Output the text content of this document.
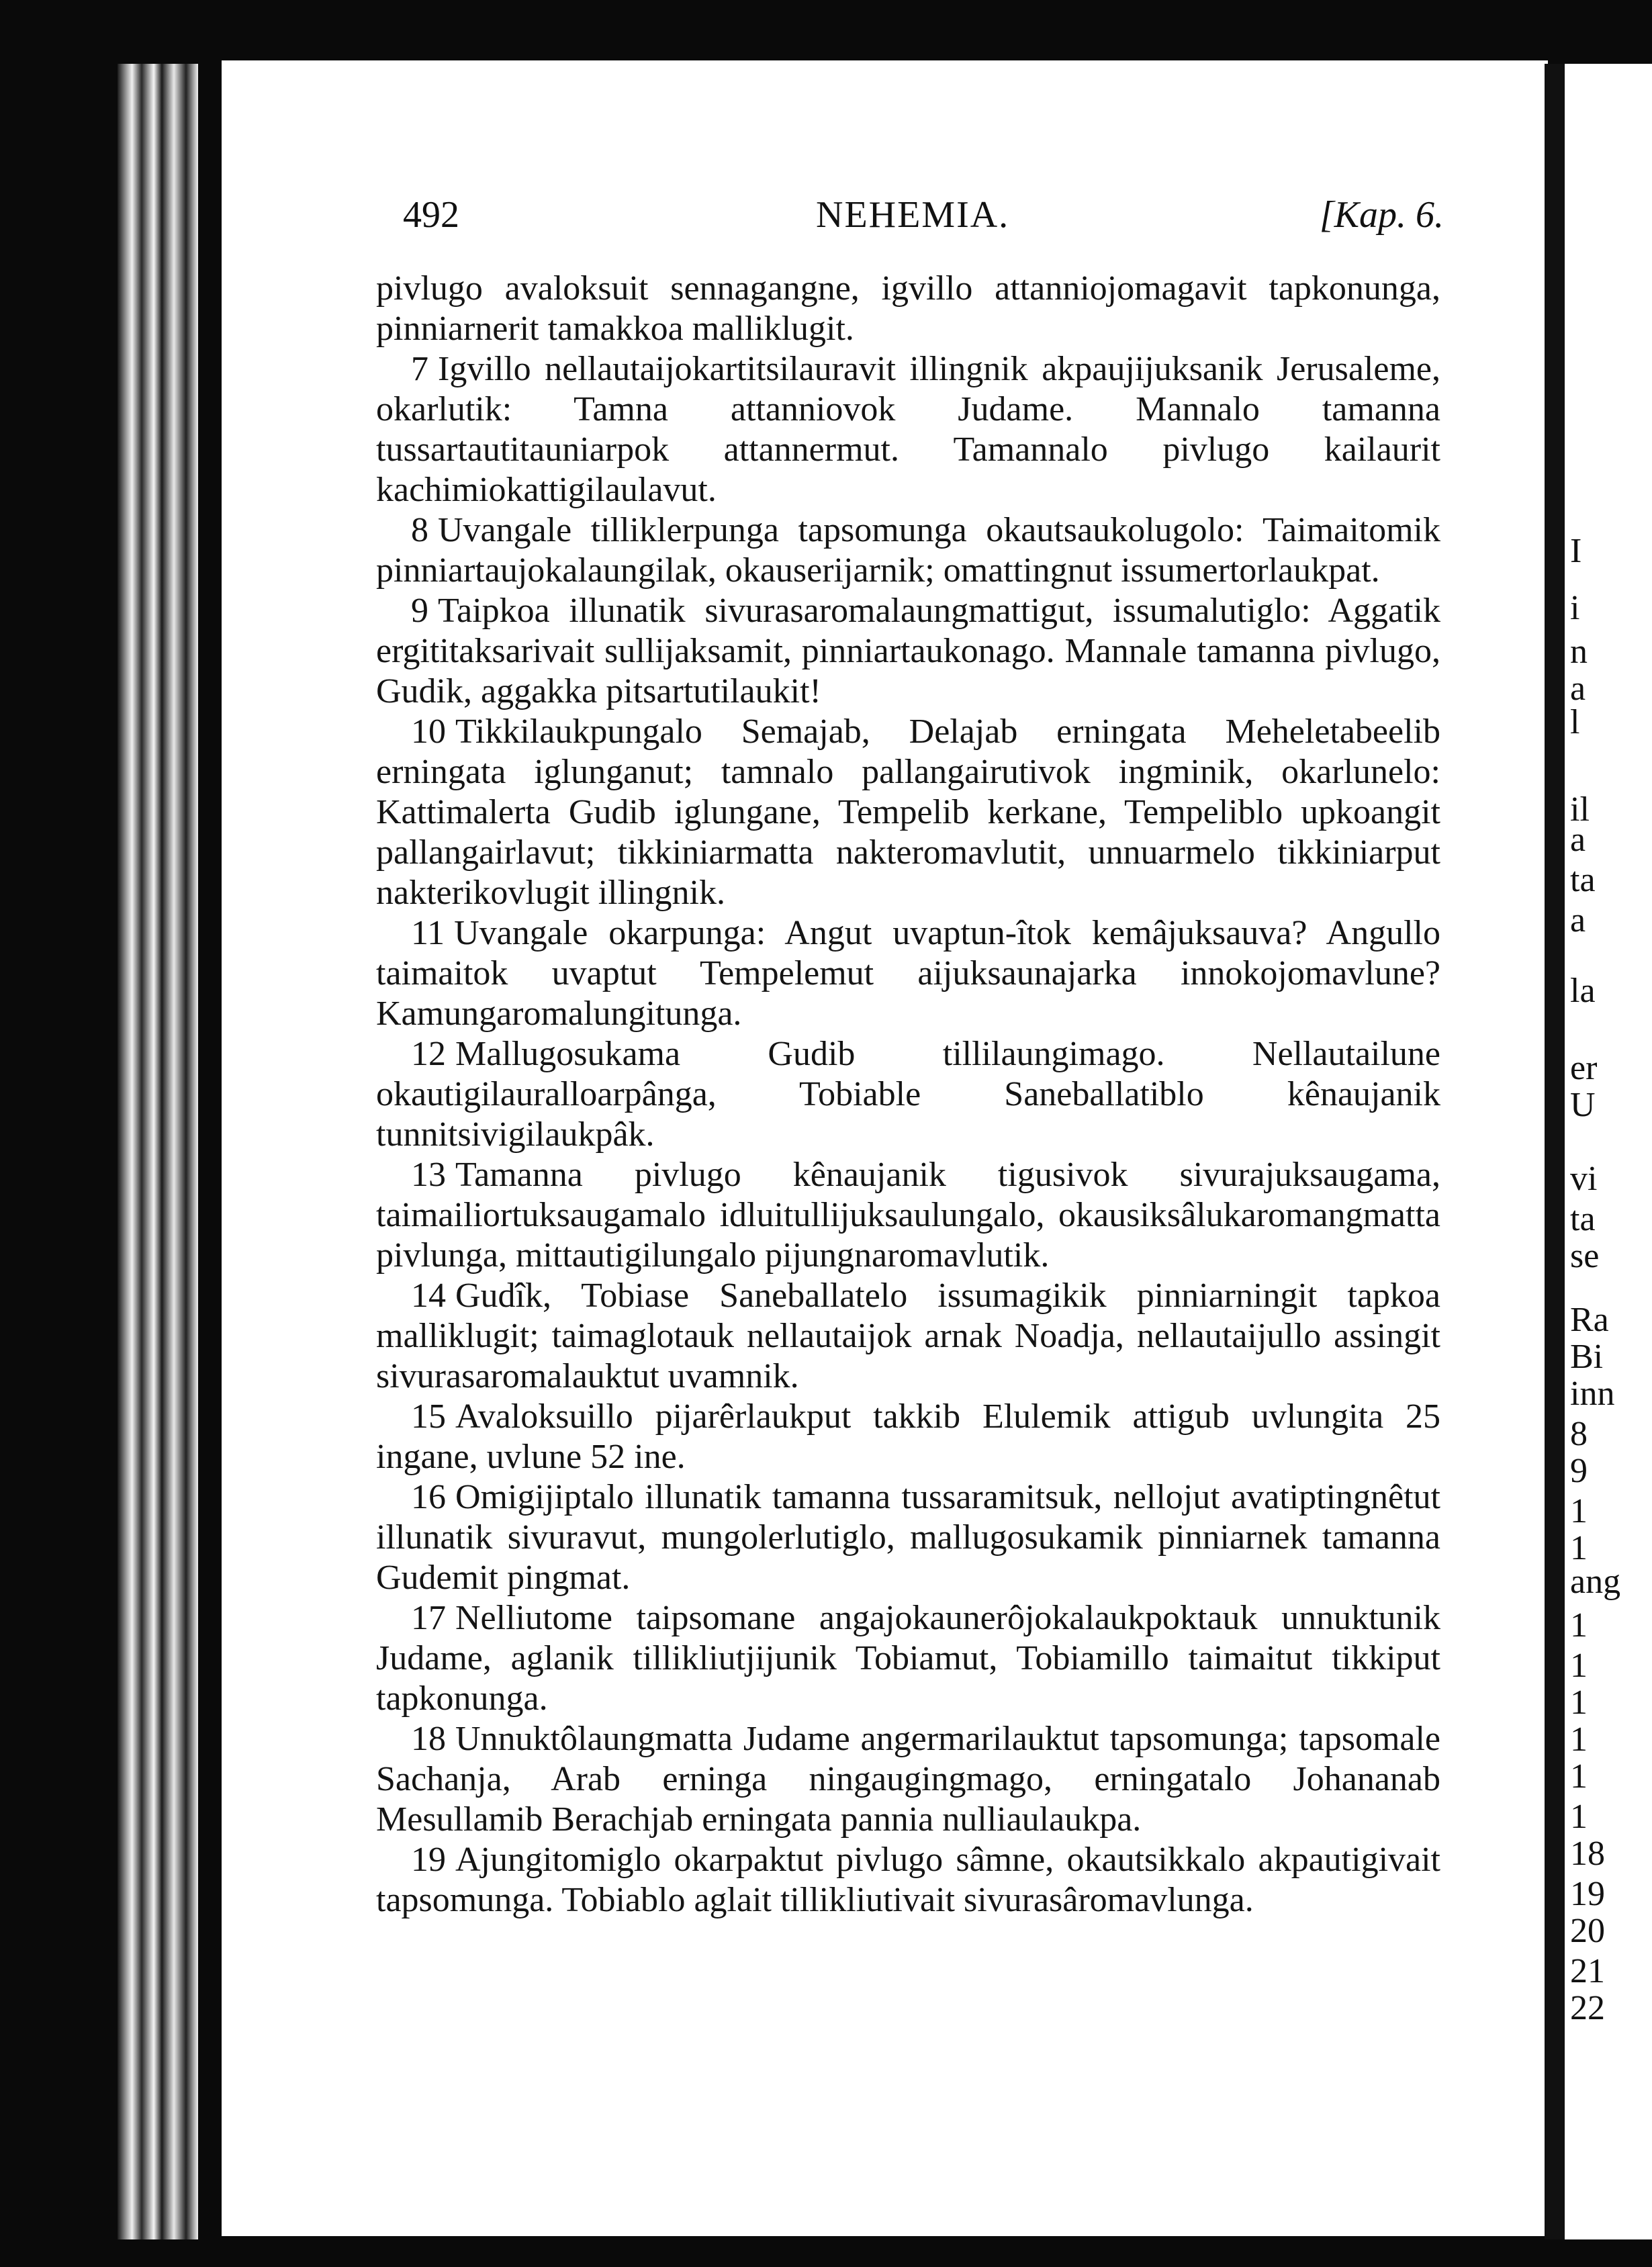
I
i
n
a
l
il
a
ta
a
la
er
U
vi
ta
se
Ra
Bi
inn
8
9
1
1
ang
1
1
1
1
1
1
18
19
20
21
22
492	NEHEMIA.	[Kap. 6.

pivlugo avaloksuit sennagangne, igvillo attanniojomagavit tapkonunga, pinniarnerit tamakkoa malliklugit.

7 Igvillo nellautaijokartitsilauravit illingnik akpaujijuksanik Jerusaleme, okarlutik: Tamna attanniovok Judame. Mannalo tamanna tussartautitauniarpok attannermut. Tamannalo pivlugo kailaurit kachimiokattigilaulavut.

8 Uvangale tilliklerpunga tapsomunga okautsaukolugolo: Taimaitomik pinniartaujokalaungilak, okauserijarnik; omattingnut issumertorlaukpat.

9 Taipkoa illunatik sivurasaromalaungmattigut, issumalutiglo: Aggatik ergititaksarivait sullijaksamit, pinniartaukonago. Mannale tamanna pivlugo, Gudik, aggakka pitsartutilaukit!

10 Tikkilaukpungalo Semajab, Delajab erningata Meheletabeelib erningata iglunganut; tamnalo pallangairutivok ingminik, okarlunelo: Kattimalerta Gudib iglungane, Tempelib kerkane, Tempeliblo upkoangit pallangairlavut; tikkiniarmatta nakteromavlutit, unnuarmelo tikkiniarput nakterikovlugit illingnik.

11 Uvangale okarpunga: Angut uvaptun-îtok kemâjuksauva? Angullo taimaitok uvaptut Tempelemut aijuksaunajarka innokojomavlune? Kamungaromalungitunga.

12 Mallugosukama Gudib tillilaungimago. Nellautailune okautigilauralloarpânga, Tobiable Saneballatiblo kênaujanik tunnitsivigilaukpâk.

13 Tamanna pivlugo kênaujanik tigusivok sivurajuksaugama, taimailiortuksaugamalo idluitullijuksaulungalo, okausiksâlukaromangmatta pivlunga, mittautigilungalo pijungnaromavlutik.

14 Gudîk, Tobiase Saneballatelo issumagikik pinniarningit tapkoa malliklugit; taimaglotauk nellautaijok arnak Noadja, nellautaijullo assingit sivurasaromalauktut uvamnik.

15 Avaloksuillo pijarêrlaukput takkib Elulemik attigub uvlungita 25 ingane, uvlune 52 ine.

16 Omigijiptalo illunatik tamanna tussaramitsuk, nellojut avatiptingnêtut illunatik sivuravut, mungolerlutiglo, mallugosukamik pinniarnek tamanna Gudemit pingmat.

17 Nelliutome taipsomane angajokaunerôjokalaukpoktauk unnuktunik Judame, aglanik tillikliutjijunik Tobiamut, Tobiamillo taimaitut tikkiput tapkonunga.

18 Unnuktôlaungmatta Judame angermarilauktut tapsomunga; tapsomale Sachanja, Arab erninga ningaugingmago, erningatalo Johananab Mesullamib Berachjab erningata pannia nulliaulaukpa.

19 Ajungitomiglo okarpaktut pivlugo sâmne, okautsikkalo akpautigivait tapsomunga. Tobiablo aglait tillikliutivait sivurasâromavlunga.
